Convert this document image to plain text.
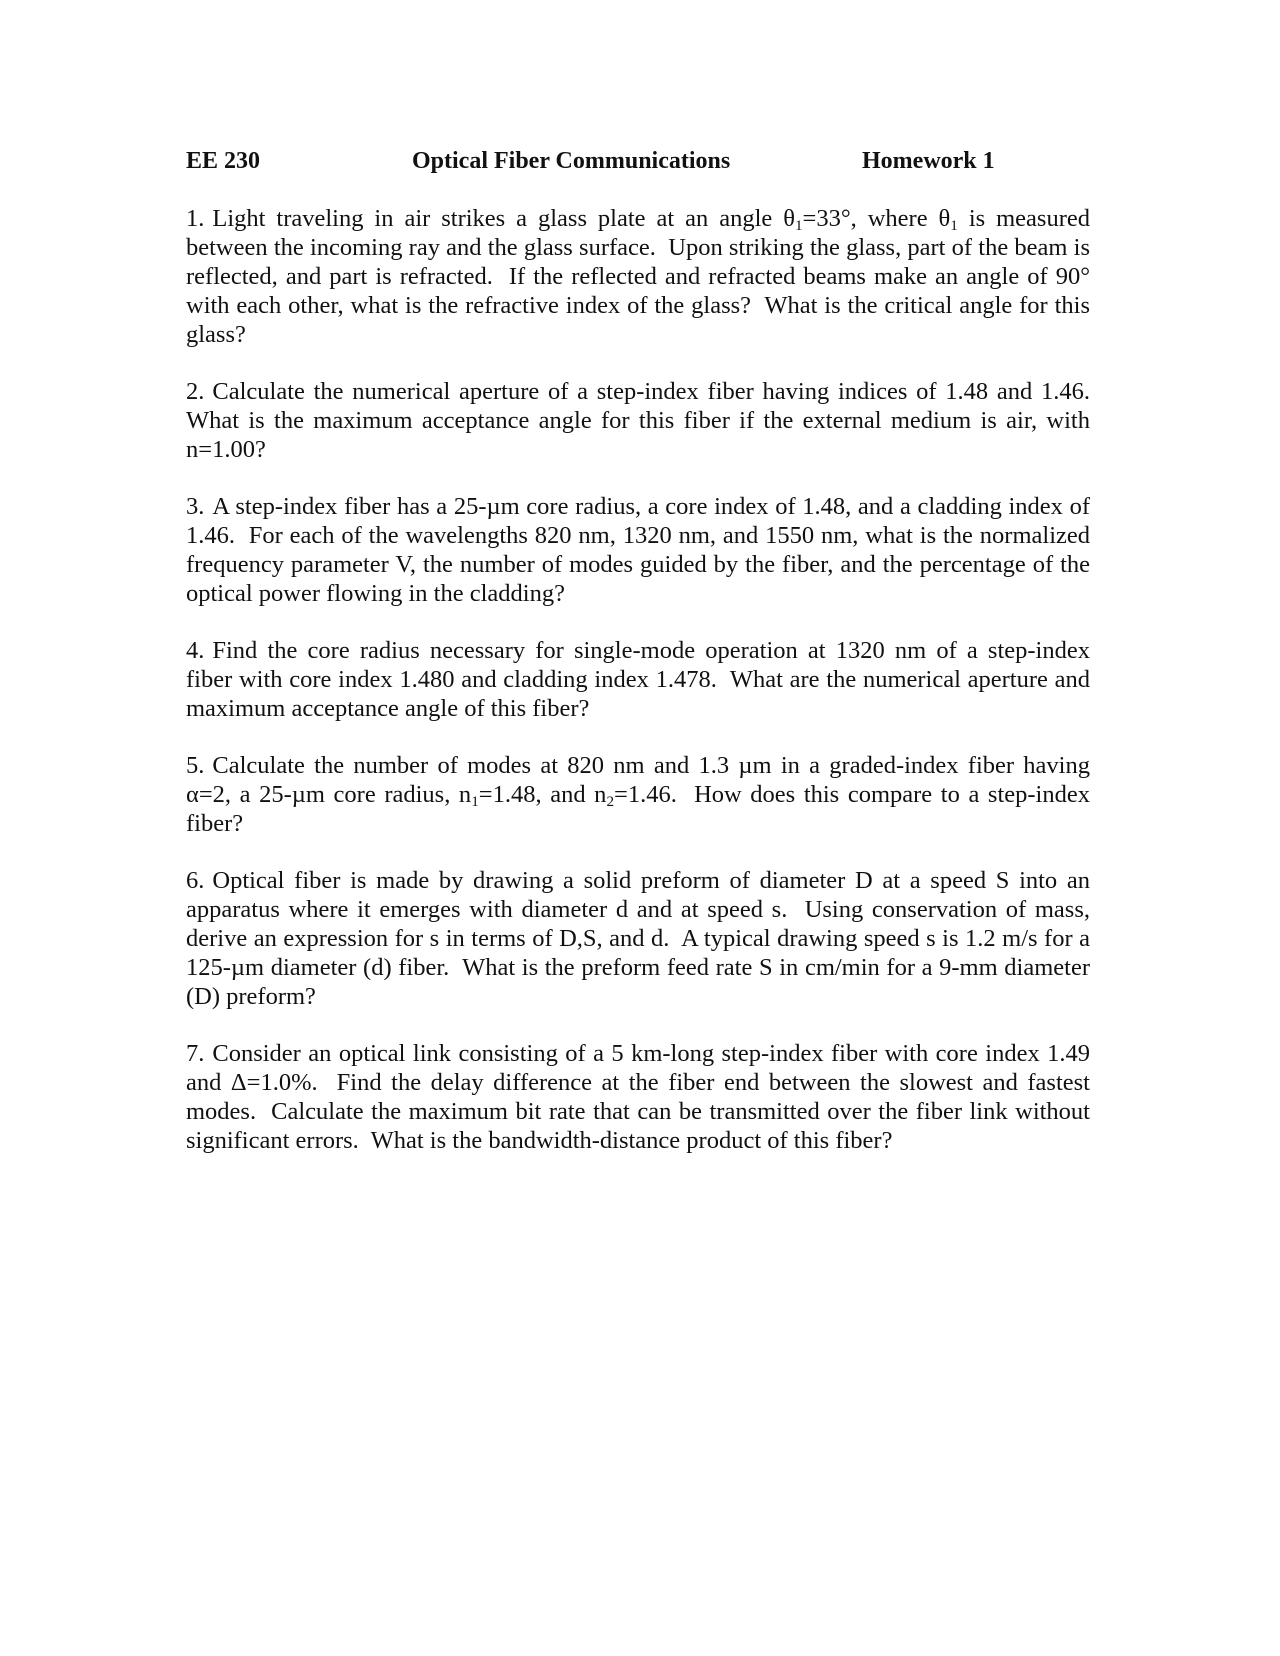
EE 230	Optical Fiber Communications	Homework 1

1. Light traveling in air strikes a glass plate at an angle $\theta_1=33^\circ$, where $\theta_1$ is measured between the incoming ray and the glass surface.  Upon striking the glass, part of the beam is reflected, and part is refracted.  If the reflected and refracted beams make an angle of 90° with each other, what is the refractive index of the glass?  What is the critical angle for this glass?

2. Calculate the numerical aperture of a step-index fiber having indices of 1.48 and 1.46. What is the maximum acceptance angle for this fiber if the external medium is air, with n=1.00?

3. A step-index fiber has a 25-µm core radius, a core index of 1.48, and a cladding index of 1.46.  For each of the wavelengths 820 nm, 1320 nm, and 1550 nm, what is the normalized frequency parameter V, the number of modes guided by the fiber, and the percentage of the optical power flowing in the cladding?

4. Find the core radius necessary for single-mode operation at 1320 nm of a step-index fiber with core index 1.480 and cladding index 1.478.  What are the numerical aperture and maximum acceptance angle of this fiber?

5. Calculate the number of modes at 820 nm and 1.3 µm in a graded-index fiber having α=2, a 25-µm core radius, $n_1=1.48$, and $n_2=1.46$.  How does this compare to a step-index fiber?

6. Optical fiber is made by drawing a solid preform of diameter D at a speed S into an apparatus where it emerges with diameter d and at speed s.  Using conservation of mass, derive an expression for s in terms of D,S, and d.  A typical drawing speed s is 1.2 m/s for a 125-µm diameter (d) fiber.  What is the preform feed rate S in cm/min for a 9-mm diameter (D) preform?

7. Consider an optical link consisting of a 5 km-long step-index fiber with core index 1.49 and Δ=1.0%.  Find the delay difference at the fiber end between the slowest and fastest modes.  Calculate the maximum bit rate that can be transmitted over the fiber link without significant errors.  What is the bandwidth-distance product of this fiber?
